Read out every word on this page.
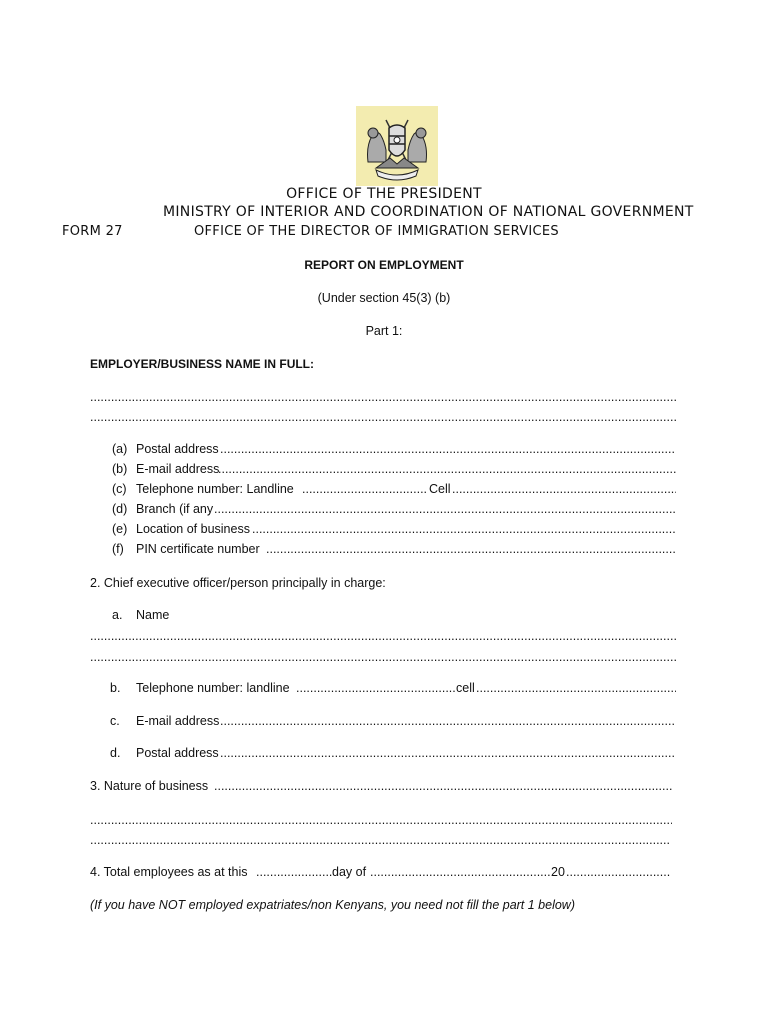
OFFICE OF THE PRESIDENT
MINISTRY OF INTERIOR AND COORDINATION OF NATIONAL GOVERNMENT
FORM 27	OFFICE OF THE DIRECTOR OF IMMIGRATION SERVICES
REPORT ON EMPLOYMENT
(Under section 45(3) (b)
Part 1:
EMPLOYER/BUSINESS NAME IN FULL:
.....
.....
(a) Postal address
.....
(b) E-mail address
.....
(c) Telephone number: Landline .....	Cell
.....
(d) Branch (if any
.....
(e) Location of business
.....
(f) PIN certificate number
.....
2. Chief executive officer/person principally in charge:
a. Name
.....
.....
b. Telephone number: landline .....	cell
.....
c. E-mail address
.....
d. Postal address
.....
3. Nature of business
.....
.....
.....
4. Total employees as at this .....	day of .....	20
.....
(If you have NOT employed expatriates/non Kenyans, you need not fill the part 1 below)
